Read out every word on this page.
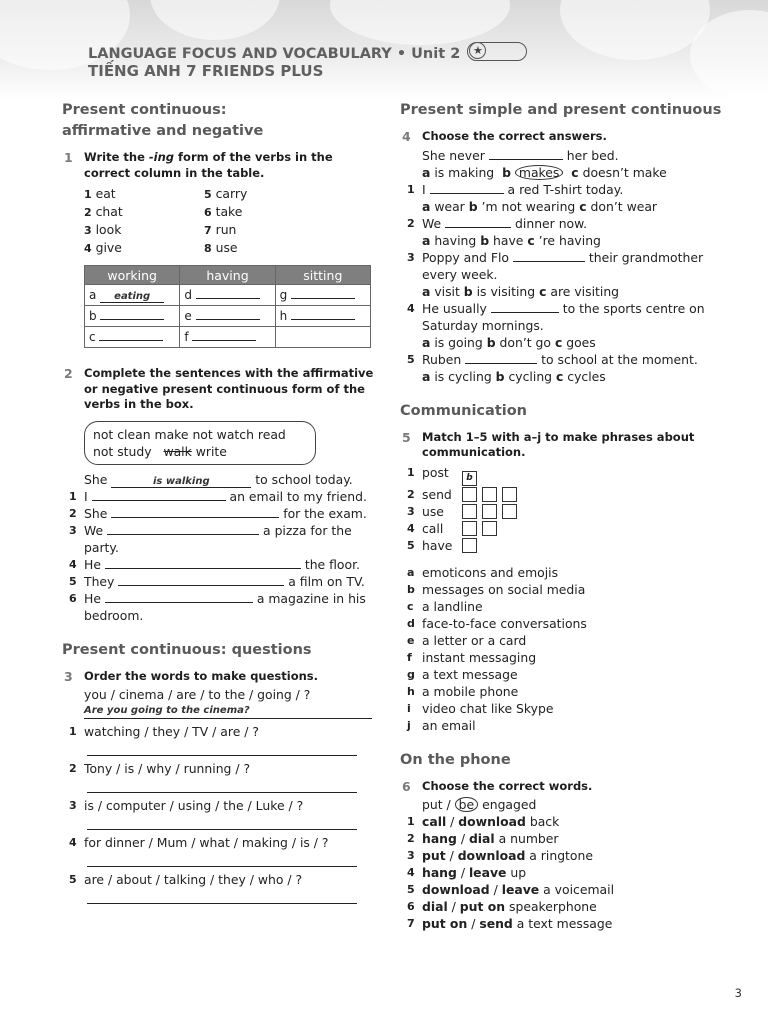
LANGUAGE FOCUS AND VOCABULARY • Unit 2	★
TIẾNG ANH 7 FRIENDS PLUS
Present continuous: affirmative and negative
1 Write the -ing form of the verbs in the correct column in the table.
1 eat	5 carry
2 chat	6 take
3 look	7 run
4 give	8 use
working	having	sitting
a eating	d	g
b	e	h
c	f	
2 Complete the sentences with the affirmative or negative present continuous form of the verbs in the box.
not clean make not watch read
not study walk write
She	is walking	to school today.
1 I	an email to my friend.
2 She	for the exam.
3 We	a pizza for the party.
4 He	the floor.
5 They	a film on TV.
6 He	a magazine in his
bedroom.
Present continuous: questions
3 Order the words to make questions.
you / cinema / are / to the / going / ?
Are you going to the cinema?
1 watching / they / TV / are / ?
2 Tony / is / why / running / ?
3 is / computer / using / the / Luke / ?
4 for dinner / Mum / what / making / is / ?
5 are / about / talking / they / who / ?
Present simple and present continuous
4 Choose the correct answers.
She never	her bed.
a is making b makes c doesn’t make
1 I	a red T-shirt today.
a wear b ’m not wearing c don’t wear
2 We	dinner now.
a having b have c ’re having
3 Poppy and Flo	their grandmother
every week.
a visit b is visiting c are visiting
4 He usually	to the sports centre on
Saturday mornings.
a is going b don’t go c goes
5 Ruben	to school at the moment.
a is cycling b cycling c cycles
Communication
5 Match 1–5 with a–j to make phrases about communication.
1 post b
2 send
3 use
4 call
5 have
a emoticons and emojis
b messages on social media
c a landline
d face-to-face conversations
e a letter or a card
f instant messaging
g a text message
h a mobile phone
i video chat like Skype
j an email
On the phone
6 Choose the correct words.
put / be engaged
1 call / download back
2 hang / dial a number
3 put / download a ringtone
4 hang / leave up
5 download / leave a voicemail
6 dial / put on speakerphone
7 put on / send a text message
3
